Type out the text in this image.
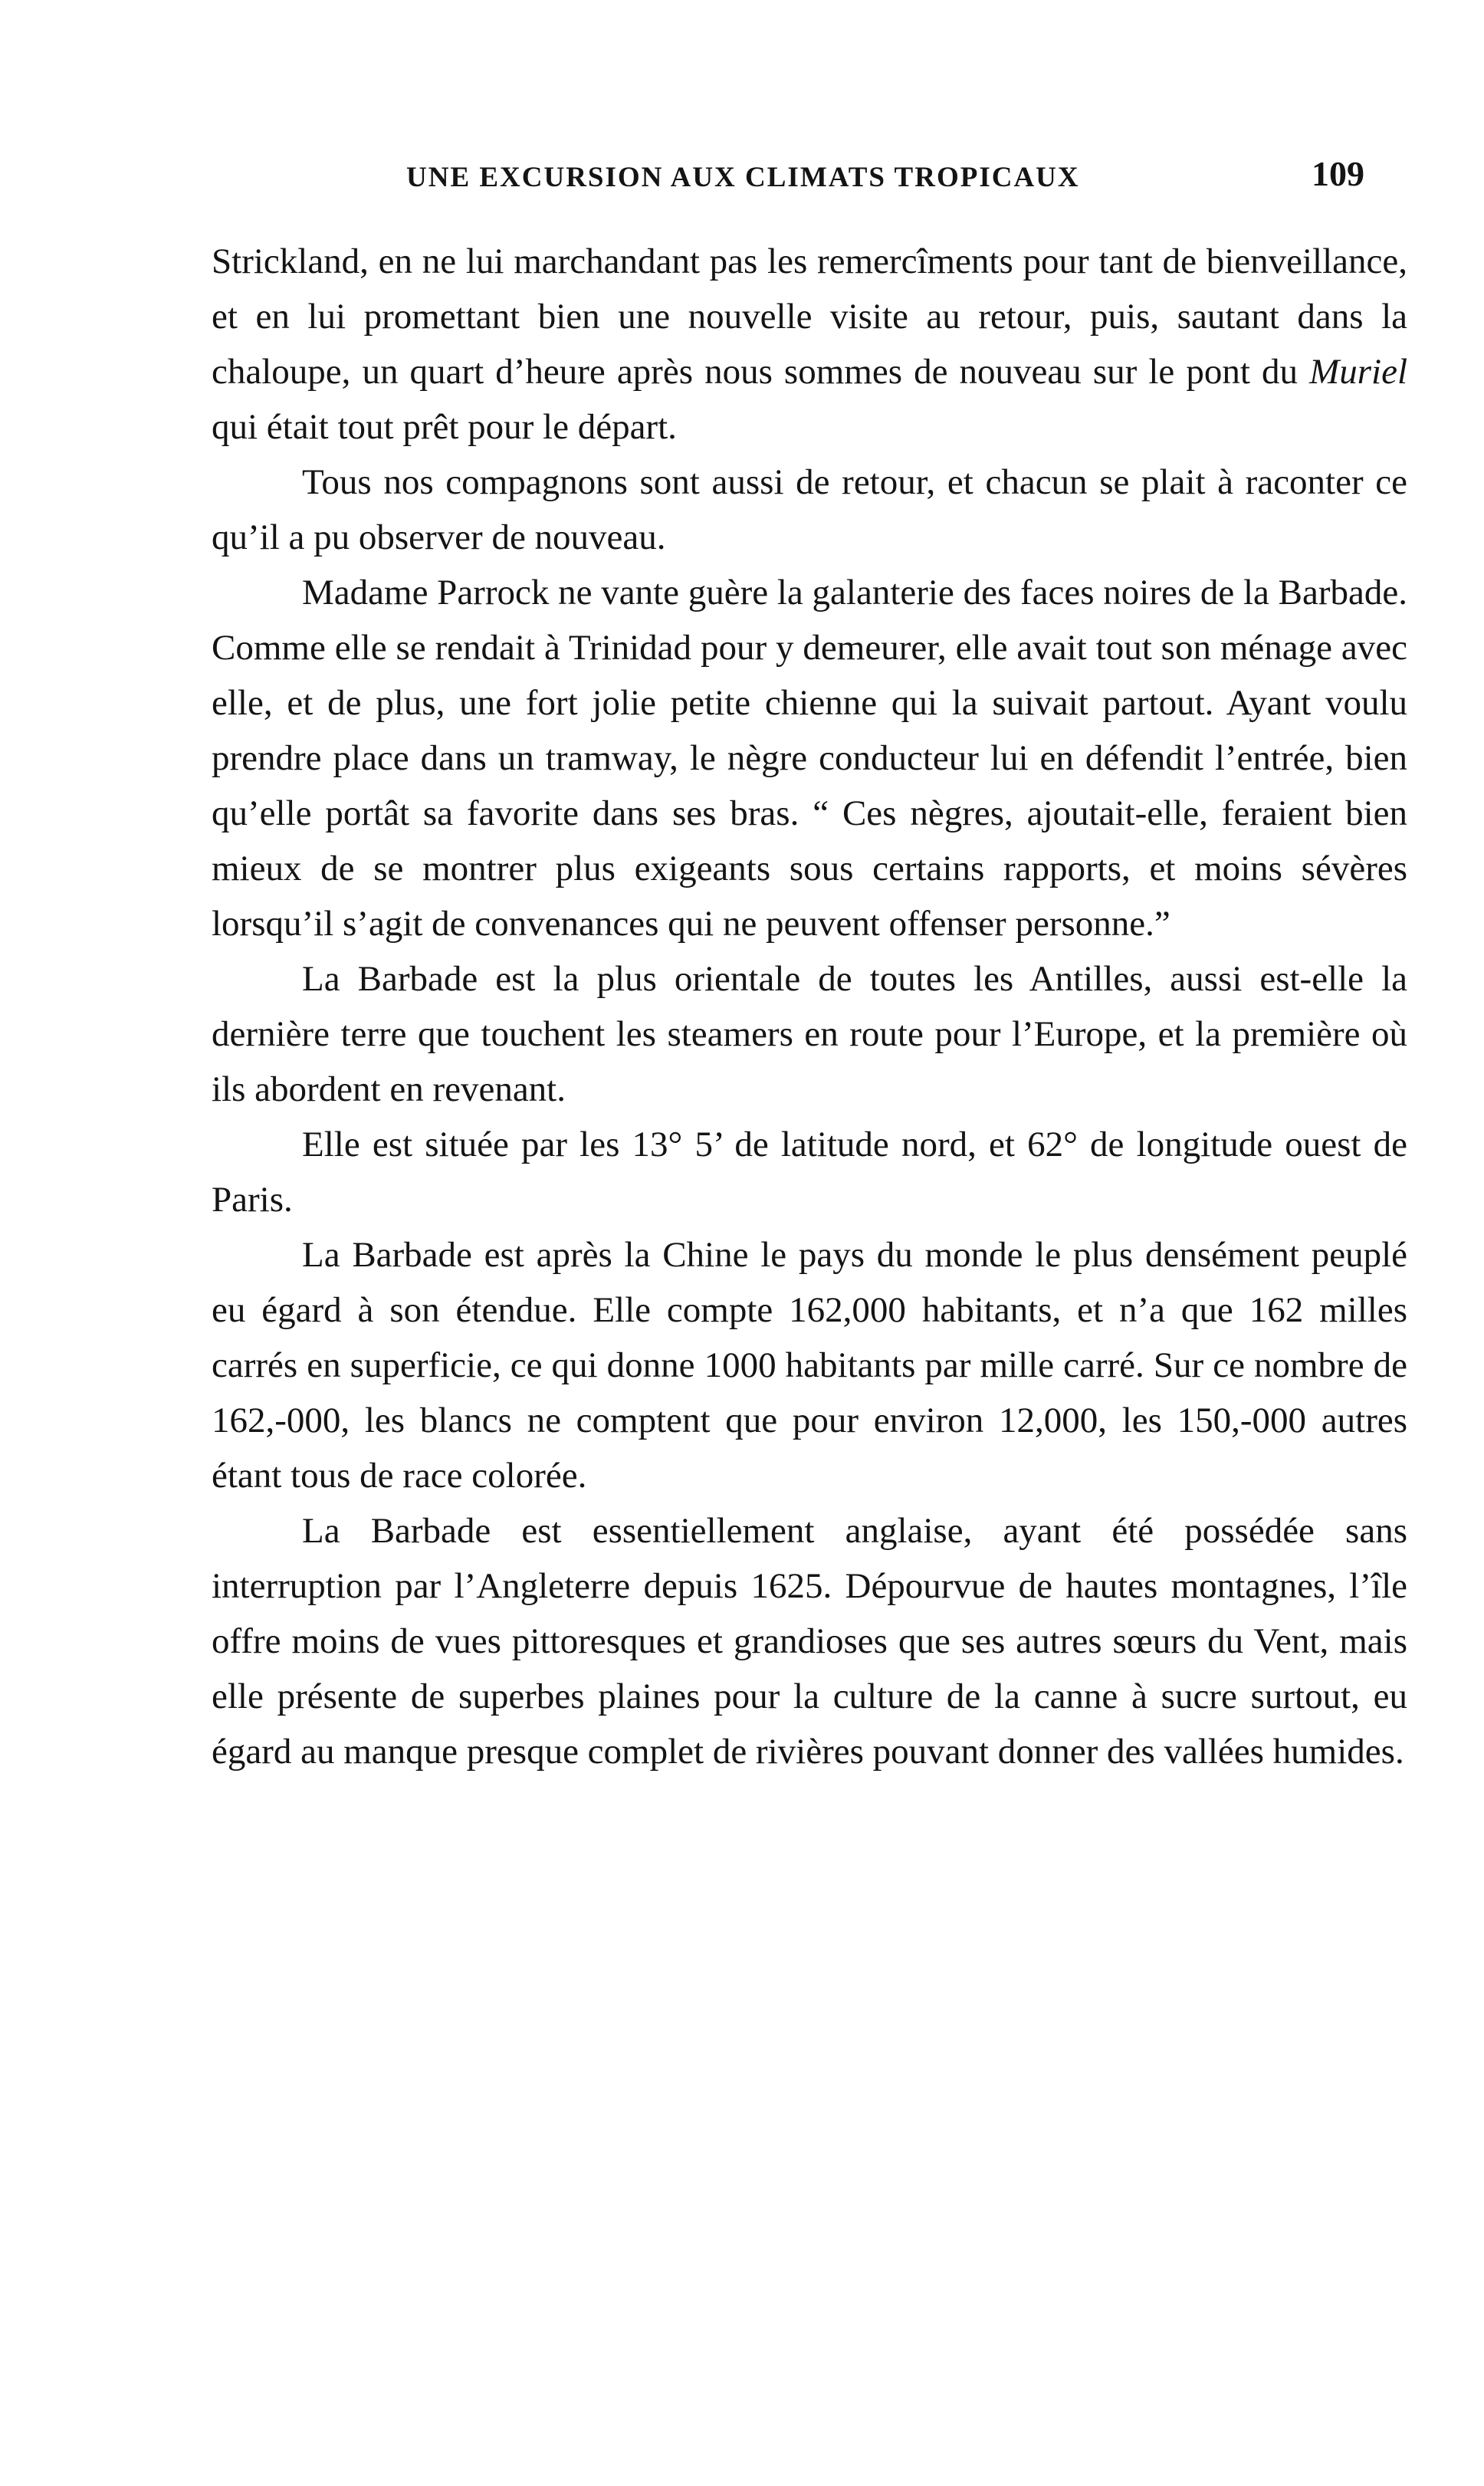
UNE EXCURSION AUX CLIMATS TROPICAUX	109

Strickland, en ne lui marchandant pas les remercîments pour tant de bienveillance, et en lui promettant bien une nouvelle visite au retour, puis, sautant dans la chaloupe, un quart d’heure après nous sommes de nouveau sur le pont du Muriel qui était tout prêt pour le départ.

Tous nos compagnons sont aussi de retour, et chacun se plait à raconter ce qu’il a pu observer de nouveau.

Madame Parrock ne vante guère la galanterie des faces noires de la Barbade. Comme elle se rendait à Trinidad pour y demeurer, elle avait tout son ménage avec elle, et de plus, une fort jolie petite chienne qui la suivait partout. Ayant voulu prendre place dans un tramway, le nègre conducteur lui en défendit l’entrée, bien qu’elle portât sa favorite dans ses bras. “ Ces nègres, ajoutait-elle, feraient bien mieux de se montrer plus exigeants sous certains rapports, et moins sévères lorsqu’il s’agit de convenances qui ne peuvent offenser personne.”

La Barbade est la plus orientale de toutes les Antilles, aussi est-elle la dernière terre que touchent les steamers en route pour l’Europe, et la première où ils abordent en revenant.

Elle est située par les 13° 5’ de latitude nord, et 62° de longitude ouest de Paris.

La Barbade est après la Chine le pays du monde le plus densément peuplé eu égard à son étendue. Elle compte 162,000 habitants, et n’a que 162 milles carrés en superficie, ce qui donne 1000 habitants par mille carré. Sur ce nombre de 162,-000, les blancs ne comptent que pour environ 12,000, les 150,-000 autres étant tous de race colorée.

La Barbade est essentiellement anglaise, ayant été possédée sans interruption par l’Angleterre depuis 1625. Dépourvue de hautes montagnes, l’île offre moins de vues pittoresques et grandioses que ses autres sœurs du Vent, mais elle présente de superbes plaines pour la culture de la canne à sucre surtout, eu égard au manque presque complet de rivières pouvant donner des vallées humides.
